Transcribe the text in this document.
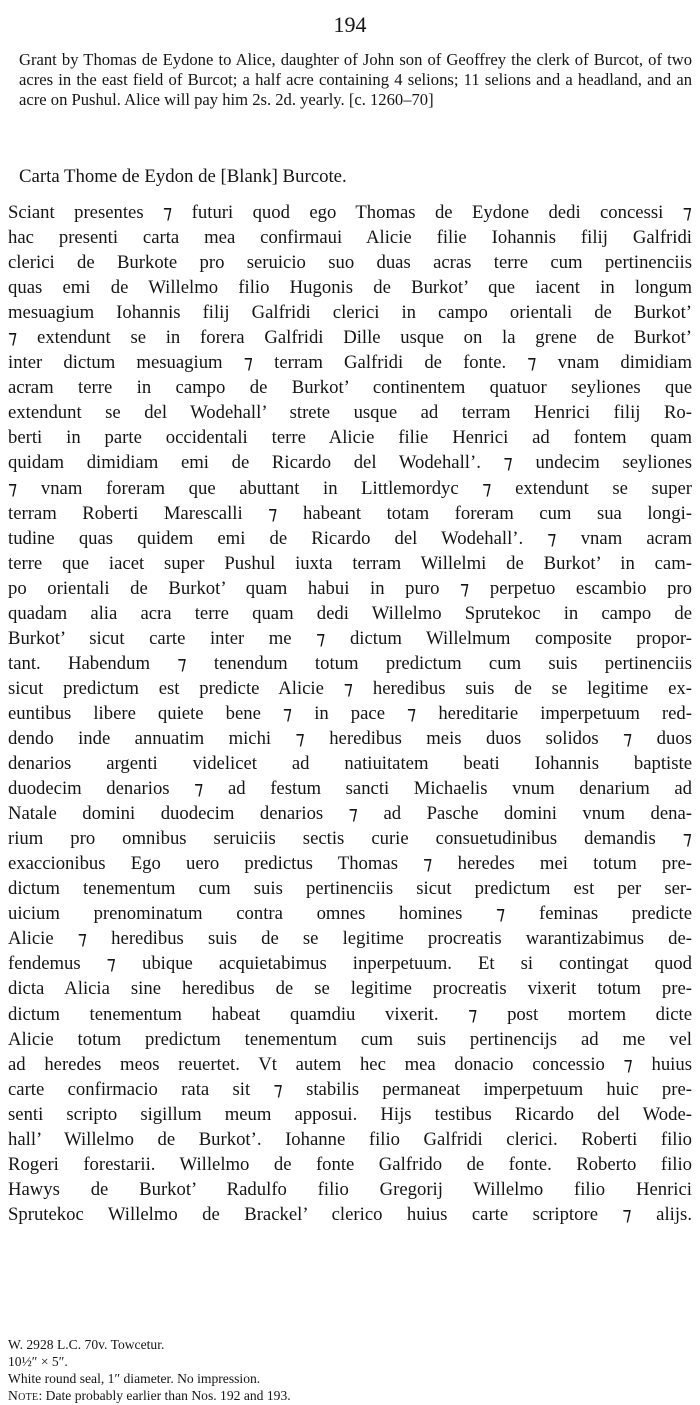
194
Grant by Thomas de Eydone to Alice, daughter of John son of Geoffrey the clerk of Burcot, of two acres in the east field of Burcot; a half acre containing 4 selions; 11 selions and a headland, and an acre on Pushul. Alice will pay him 2s. 2d. yearly. [c. 1260–70]
Carta Thome de Eydon de [Blank] Burcote.
Sciant presentes ⁊ futuri quod ego Thomas de Eydone dedi concessi ⁊
hac presenti carta mea confirmaui Alicie filie Iohannis filij Galfridi
clerici de Burkote pro seruicio suo duas acras terre cum pertinenciis
quas emi de Willelmo filio Hugonis de Burkot’ que iacent in longum
mesuagium Iohannis filij Galfridi clerici in campo orientali de Burkot’
⁊ extendunt se in forera Galfridi Dille usque on la grene de Burkot’
inter dictum mesuagium ⁊ terram Galfridi de fonte. ⁊ vnam dimidiam
acram terre in campo de Burkot’ continentem quatuor seyliones que
extendunt se del Wodehall’ strete usque ad terram Henrici filij Ro-
berti in parte occidentali terre Alicie filie Henrici ad fontem quam
quidam dimidiam emi de Ricardo del Wodehall’. ⁊ undecim seyliones
⁊ vnam foreram que abuttant in Littlemordyc ⁊ extendunt se super
terram Roberti Marescalli ⁊ habeant totam foreram cum sua longi-
tudine quas quidem emi de Ricardo del Wodehall’. ⁊ vnam acram
terre que iacet super Pushul iuxta terram Willelmi de Burkot’ in cam-
po orientali de Burkot’ quam habui in puro ⁊ perpetuo escambio pro
quadam alia acra terre quam dedi Willelmo Sprutekoc in campo de
Burkot’ sicut carte inter me ⁊ dictum Willelmum composite propor-
tant. Habendum ⁊ tenendum totum predictum cum suis pertinenciis
sicut predictum est predicte Alicie ⁊ heredibus suis de se legitime ex-
euntibus libere quiete bene ⁊ in pace ⁊ hereditarie imperpetuum red-
dendo inde annuatim michi ⁊ heredibus meis duos solidos ⁊ duos
denarios argenti videlicet ad natiuitatem beati Iohannis baptiste
duodecim denarios ⁊ ad festum sancti Michaelis vnum denarium ad
Natale domini duodecim denarios ⁊ ad Pasche domini vnum dena-
rium pro omnibus seruiciis sectis curie consuetudinibus demandis ⁊
exaccionibus Ego uero predictus Thomas ⁊ heredes mei totum pre-
dictum tenementum cum suis pertinenciis sicut predictum est per ser-
uicium prenominatum contra omnes homines ⁊ feminas predicte
Alicie ⁊ heredibus suis de se legitime procreatis warantizabimus de-
fendemus ⁊ ubique acquietabimus inperpetuum. Et si contingat quod
dicta Alicia sine heredibus de se legitime procreatis vixerit totum pre-
dictum tenementum habeat quamdiu vixerit. ⁊ post mortem dicte
Alicie totum predictum tenementum cum suis pertinencijs ad me vel
ad heredes meos reuertet. Vt autem hec mea donacio concessio ⁊ huius
carte confirmacio rata sit ⁊ stabilis permaneat imperpetuum huic pre-
senti scripto sigillum meum apposui. Hijs testibus Ricardo del Wode-
hall’ Willelmo de Burkot’. Iohanne filio Galfridi clerici. Roberti filio
Rogeri forestarii. Willelmo de fonte Galfrido de fonte. Roberto filio
Hawys de Burkot’ Radulfo filio Gregorij Willelmo filio Henrici
Sprutekoc Willelmo de Brackel’ clerico huius carte scriptore ⁊ alijs.
W. 2928 L.C. 70v. Towcetur.
10½″ × 5″.
White round seal, 1″ diameter. No impression.
Note: Date probably earlier than Nos. 192 and 193.
